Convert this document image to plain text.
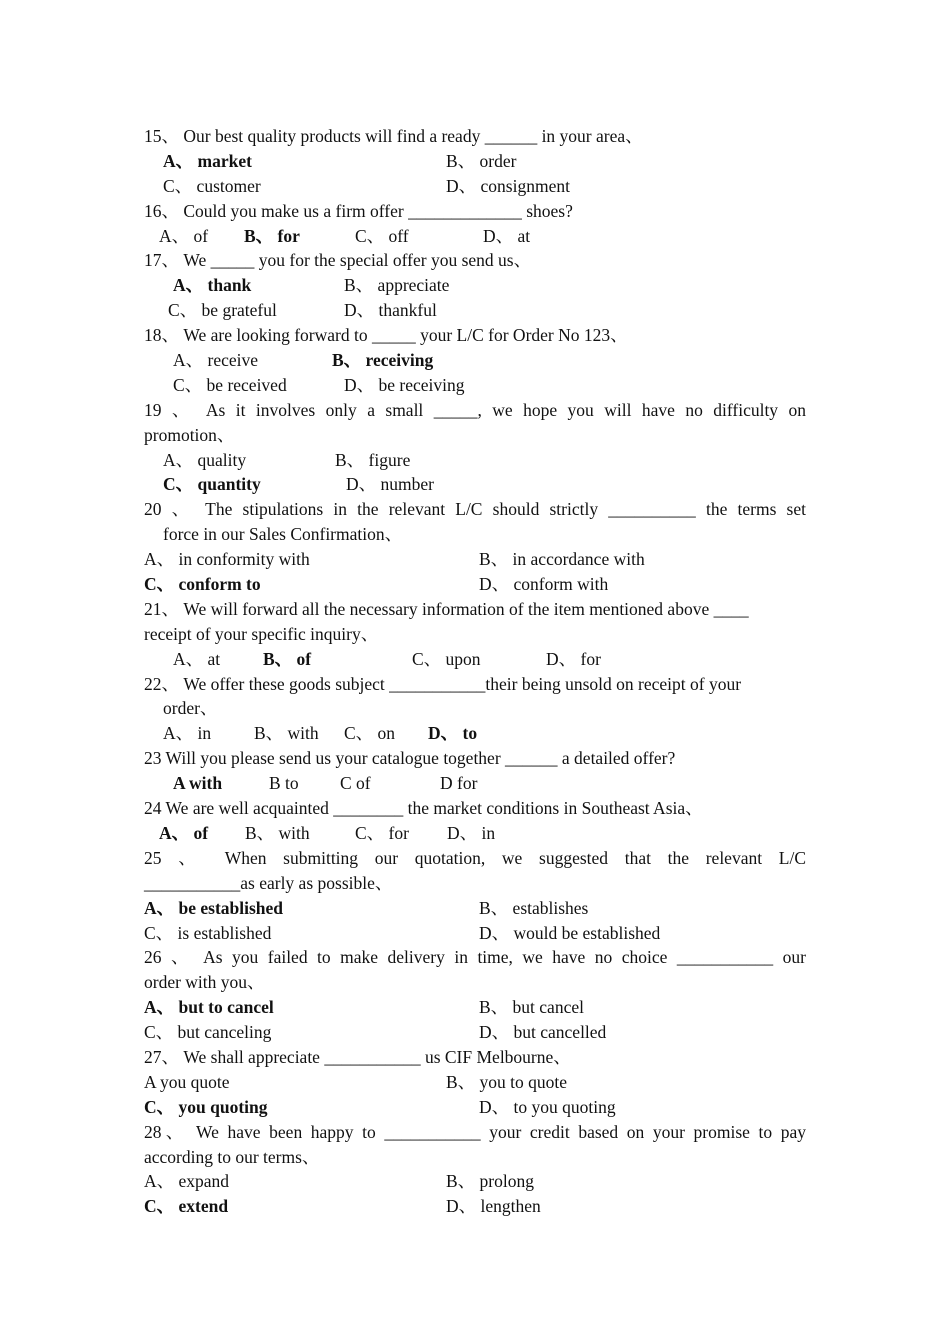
15、 Our best quality products will find a ready ______ in your area、

A、 market

	B、 order

C、 customer

	D、 consignment

16、 Could you make us a firm offer _____________ shoes?

A、 of

B、 for

	C、 off

	D、 at

17、 We _____ you for the special offer you send us、

A、 thank

	B、 appreciate

C、 be grateful

	D、 thankful

18、 We are looking forward to _____ your L/C for Order No 123、

A、 receive

	B、 receiving

C、 be received

	D、 be receiving

19 、 As it involves only a small _____, we hope you will have no difficulty on
promotion、

A、 quality

	B、 figure

C、 quantity

	D、 number

20 、 The stipulations in the relevant L/C should strictly __________ the terms set
force in our Sales Confirmation、

A、 in conformity with

	B、 in accordance with

C、 conform to

	D、 conform with

21、 We will forward all the necessary information of the item mentioned above ____
receipt of your specific inquiry、

A、 at

B、 of

	C、 upon

	D、 for

22、 We offer these goods subject ___________their being unsold on receipt of your
order、

A、 in

B、 with

C、 on

D、 to

23 Will you please send us your catalogue together ______ a detailed offer?

A with

	B to

C of

	D for

24 We are well acquainted ________ the market conditions in Southeast Asia、

A、 of

B、 with

	C、 for

D、 in

25 、 When submitting our quotation, we suggested that the relevant L/C
___________as early as possible、

A、 be established

	B、 establishes

C、 is established

	D、 would be established

26 、 As you failed to make delivery in time, we have no choice ___________ our
order with you、

A、 but to cancel

	B、 but cancel

C、 but canceling

	D、 but cancelled

27、 We shall appreciate ___________ us CIF Melbourne、

A you quote

	B、 you to quote

C、 you quoting

	D、 to you quoting

28、 We have been happy to ___________ your credit based on your promise to pay
according to our terms、

A、 expand

	B、 prolong

C、 extend

	D、 lengthen
